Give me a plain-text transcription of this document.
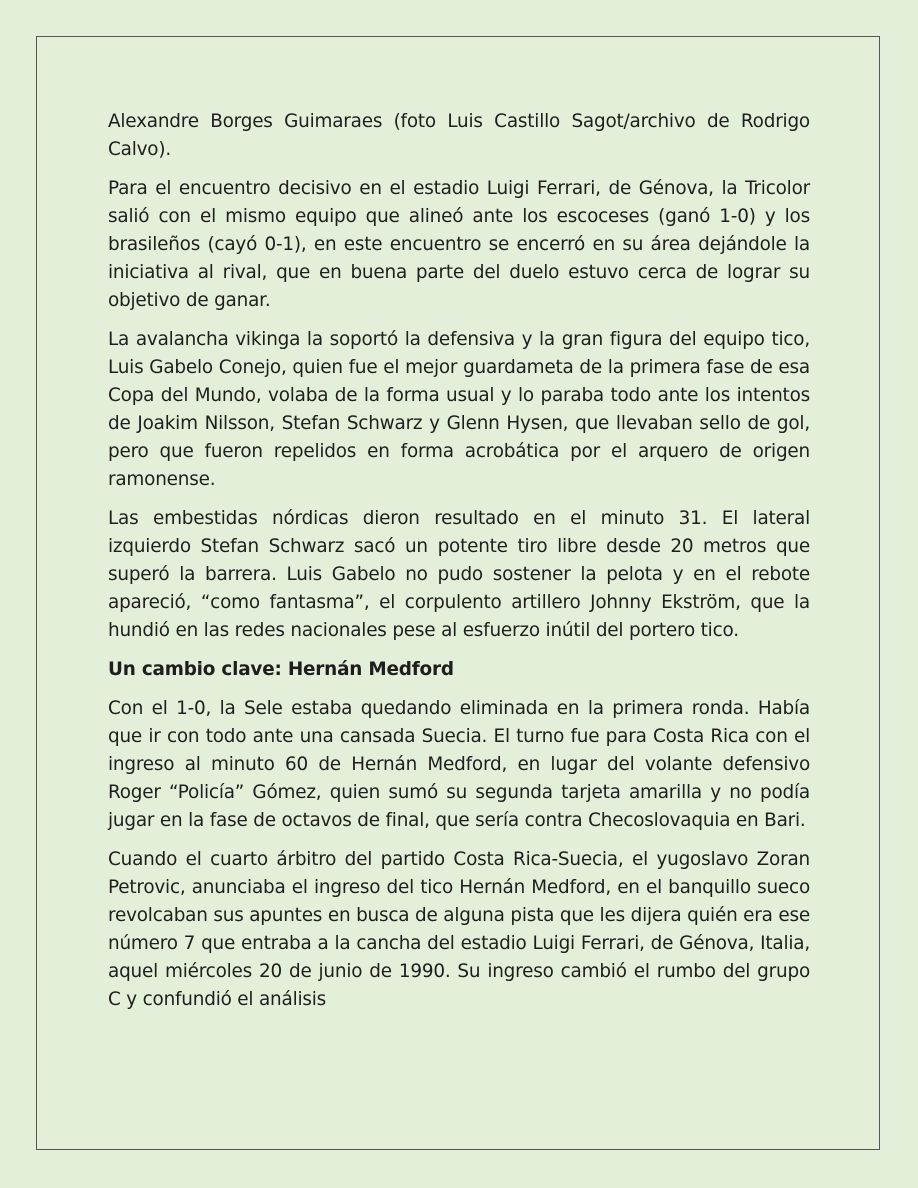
Alexandre Borges Guimaraes (foto Luis Castillo Sagot/archivo de Rodrigo Calvo).

Para el encuentro decisivo en el estadio Luigi Ferrari, de Génova, la Tricolor salió con el mismo equipo que alineó ante los escoceses (ganó 1-0) y los brasileños (cayó 0-1), en este encuentro se encerró en su área dejándole la iniciativa al rival, que en buena parte del duelo estuvo cerca de lograr su objetivo de ganar.

La avalancha vikinga la soportó la defensiva y la gran figura del equipo tico, Luis Gabelo Conejo, quien fue el mejor guardameta de la primera fase de esa Copa del Mundo, volaba de la forma usual y lo paraba todo ante los intentos de Joakim Nilsson, Stefan Schwarz y Glenn Hysen, que llevaban sello de gol, pero que fueron repelidos en forma acrobática por el arquero de origen ramonense.

Las embestidas nórdicas dieron resultado en el minuto 31. El lateral izquierdo Stefan Schwarz sacó un potente tiro libre desde 20 metros que superó la barrera. Luis Gabelo no pudo sostener la pelota y en el rebote apareció, “como fantasma”, el corpulento artillero Johnny Ekström, que la hundió en las redes nacionales pese al esfuerzo inútil del portero tico.

Un cambio clave: Hernán Medford

Con el 1-0, la Sele estaba quedando eliminada en la primera ronda. Había que ir con todo ante una cansada Suecia. El turno fue para Costa Rica con el ingreso al minuto 60 de Hernán Medford, en lugar del volante defensivo Roger “Policía” Gómez, quien sumó su segunda tarjeta amarilla y no podía jugar en la fase de octavos de final, que sería contra Checoslovaquia en Bari.

Cuando el cuarto árbitro del partido Costa Rica-Suecia, el yugoslavo Zoran Petrovic, anunciaba el ingreso del tico Hernán Medford, en el banquillo sueco revolcaban sus apuntes en busca de alguna pista que les dijera quién era ese número 7 que entraba a la cancha del estadio Luigi Ferrari, de Génova, Italia, aquel miércoles 20 de junio de 1990. Su ingreso cambió el rumbo del grupo C y confundió el análisis
